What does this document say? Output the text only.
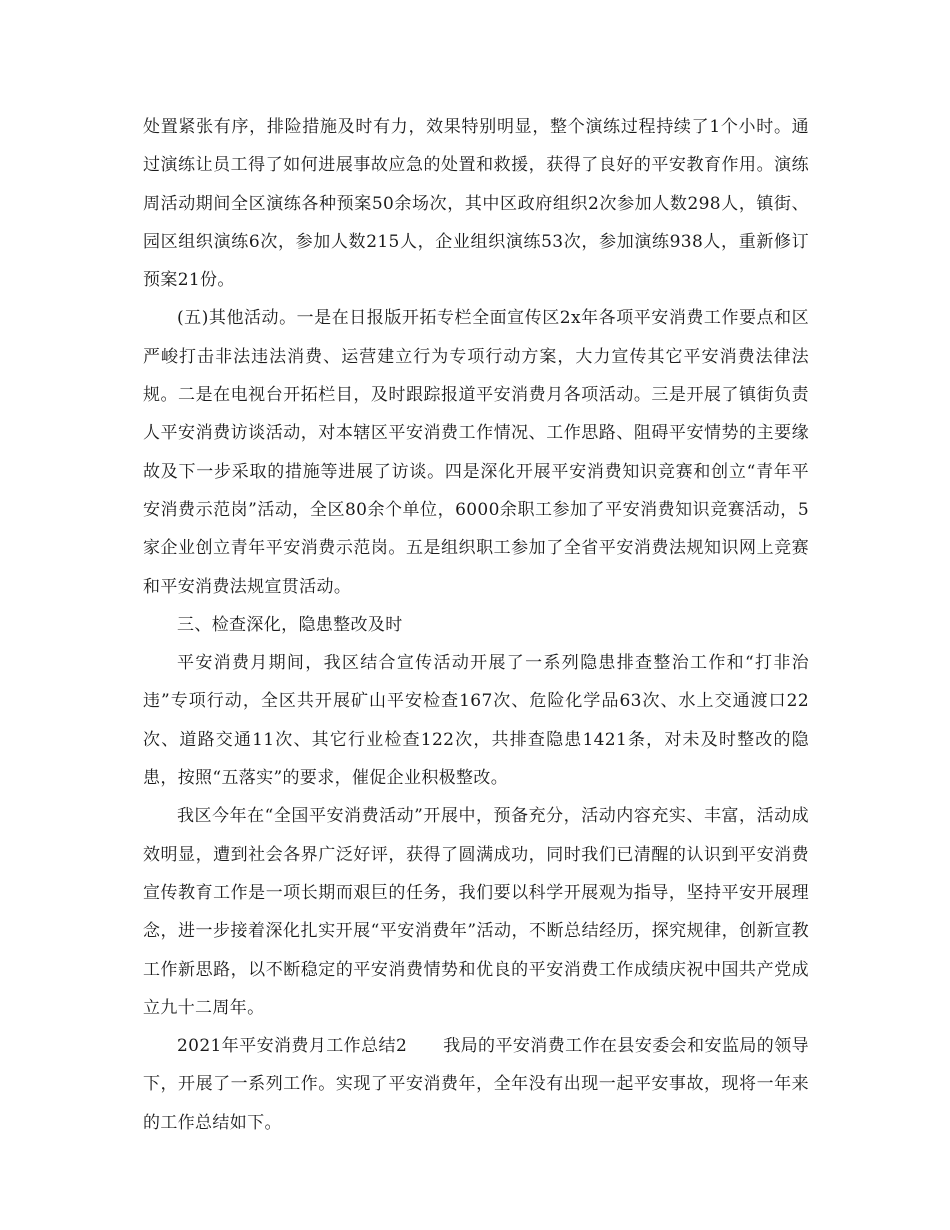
处置紧张有序，排险措施及时有力，效果特别明显，整个演练过程持续了1个小时。通过演练让员工得了如何进展事故应急的处置和救援，获得了良好的平安教育作用。演练周活动期间全区演练各种预案50余场次，其中区政府组织2次参加人数298人，镇街、园区组织演练6次，参加人数215人，企业组织演练53次，参加演练938人，重新修订预案21份。

(五)其他活动。一是在日报版开拓专栏全面宣传区2x年各项平安消费工作要点和区严峻打击非法违法消费、运营建立行为专项行动方案，大力宣传其它平安消费法律法规。二是在电视台开拓栏目，及时跟踪报道平安消费月各项活动。三是开展了镇街负责人平安消费访谈活动，对本辖区平安消费工作情况、工作思路、阻碍平安情势的主要缘故及下一步采取的措施等进展了访谈。四是深化开展平安消费知识竞赛和创立“青年平安消费示范岗”活动，全区80余个单位，6000余职工参加了平安消费知识竞赛活动，5家企业创立青年平安消费示范岗。五是组织职工参加了全省平安消费法规知识网上竞赛和平安消费法规宣贯活动。

三、检查深化，隐患整改及时

平安消费月期间，我区结合宣传活动开展了一系列隐患排查整治工作和“打非治违”专项行动，全区共开展矿山平安检查167次、危险化学品63次、水上交通渡口22次、道路交通11次、其它行业检查122次，共排查隐患1421条，对未及时整改的隐患，按照“五落实”的要求，催促企业积极整改。

我区今年在“全国平安消费活动”开展中，预备充分，活动内容充实、丰富，活动成效明显，遭到社会各界广泛好评，获得了圆满成功，同时我们已清醒的认识到平安消费宣传教育工作是一项长期而艰巨的任务，我们要以科学开展观为指导，坚持平安开展理念，进一步接着深化扎实开展“平安消费年”活动，不断总结经历，探究规律，创新宣教工作新思路，以不断稳定的平安消费情势和优良的平安消费工作成绩庆祝中国共产党成立九十二周年。

2021年平安消费月工作总结2 我局的平安消费工作在县安委会和安监局的领导下，开展了一系列工作。实现了平安消费年，全年没有出现一起平安事故，现将一年来的工作总结如下。
